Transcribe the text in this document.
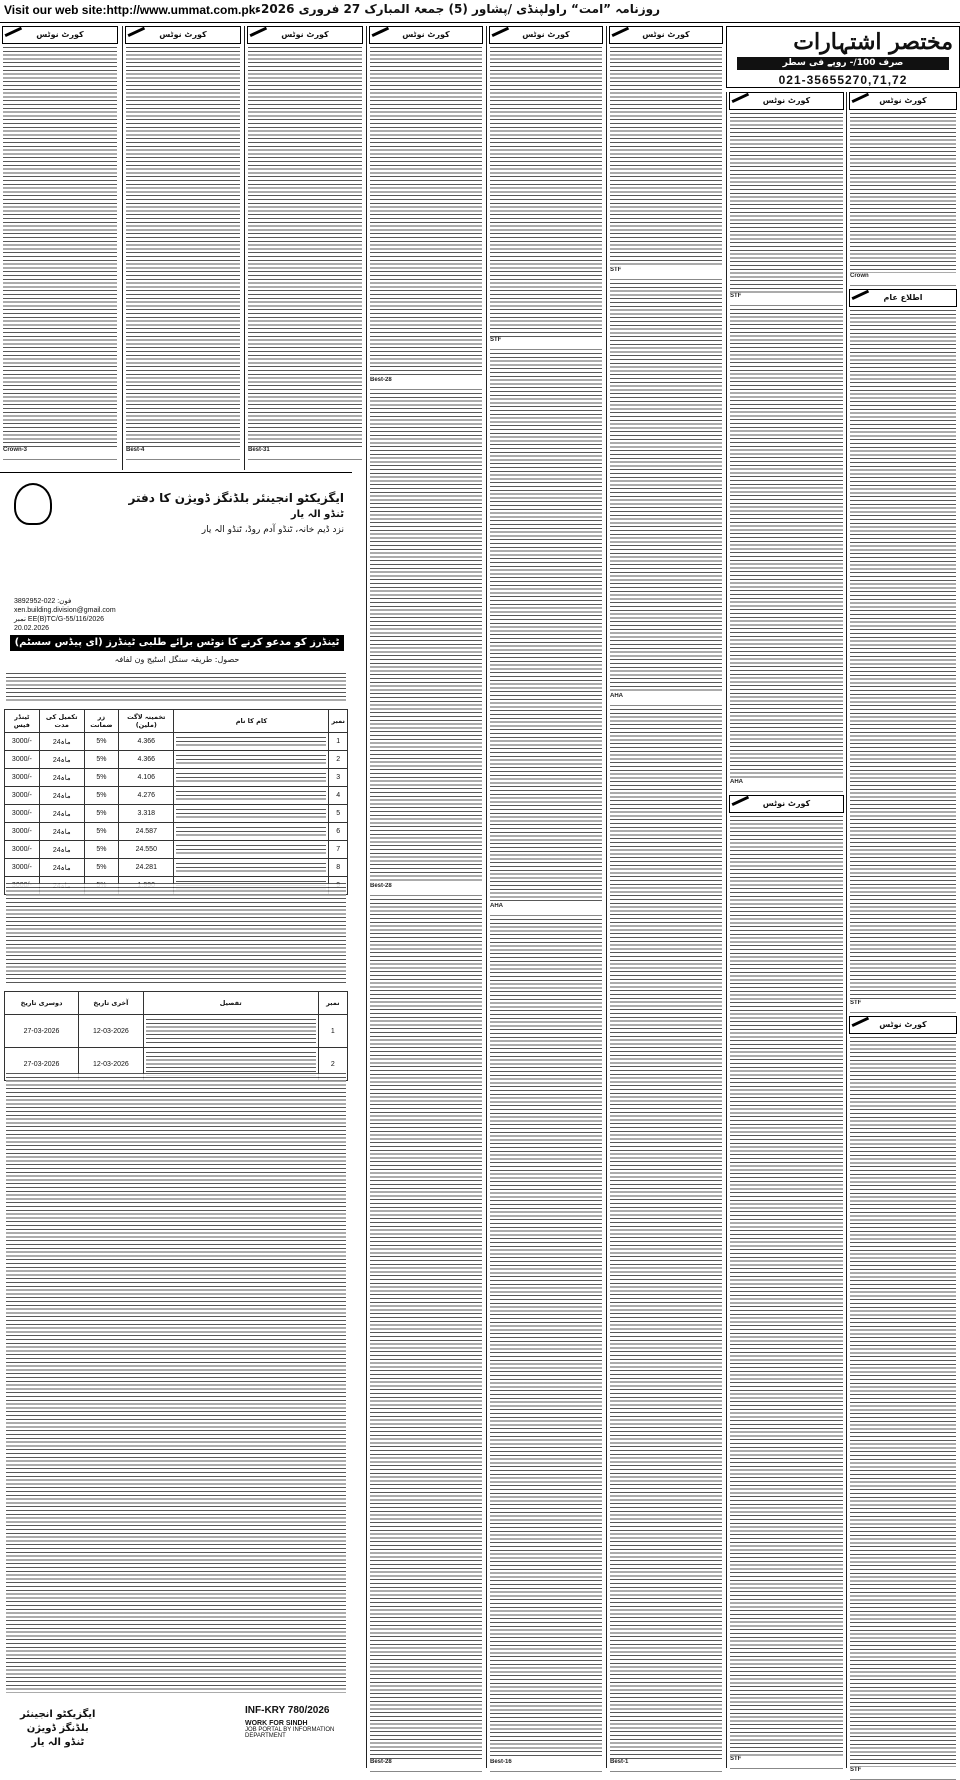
Visit our web site:http://www.ummat.com.pk روزنامہ ”امت“ راولپنڈی /پشاور (5) جمعۃ المبارک 27 فروری 2026ء
مختصر اشتہارات
صرف 100/- روپے فی سطر
021-35655270,71,72
کورٹ نوٹس
Crown
اطلاع عام
STF
کورٹ نوٹس
STF
کورٹ نوٹس
STF
AHA
کورٹ نوٹس
STF
کورٹ نوٹس
STF
AHA
Best-1
کورٹ نوٹس
STF
AHA
Best-16
کورٹ نوٹس
Best-28
Best-28
Best-28
کورٹ نوٹس
Best-31
کورٹ نوٹس
Best-4
کورٹ نوٹس
Crown-3
ایگزیکٹو انجینئر بلڈنگز ڈویژن کا دفتر
ٹنڈو الہ یار
نزد ڈیم خانہ، ٹنڈو آدم روڈ، ٹنڈو الہ یار
فون: 022-3892952
xen.building.division@gmail.com
نمبر EE(B)TC/G-55/116/2026
20.02.2026
ٹینڈرز کو مدعو کرنے کا نوٹس برائے طلبی ٹینڈرز (ای پیڈس سسٹم)
حصول: طریقہ سنگل اسٹیج ون لفافہ
ٹینڈر فیس	تکمیل کی مدت	زر ضمانت	تخمینہ لاگت (ملین)	کام کا نام	نمبر
3000/-	24ماہ	5%	4.366		1
3000/-	24ماہ	5%	4.366		2
3000/-	24ماہ	5%	4.106		3
3000/-	24ماہ	5%	4.276		4
3000/-	24ماہ	5%	3.318		5
3000/-	24ماہ	5%	24.587		6
3000/-	24ماہ	5%	24.550		7
3000/-	24ماہ	5%	24.281		8

دوسری تاریخ	آخری تاریخ	تفصیل	نمبر
27-03-2026	12-03-2026		1
27-03-2026	12-03-2026		2
ایگزیکٹو انجینئر
بلڈنگز ڈویژن
ٹنڈو الہ یار
INF-KRY 780/2026
WORK FOR SINDH
JOB PORTAL BY INFORMATION DEPARTMENT
